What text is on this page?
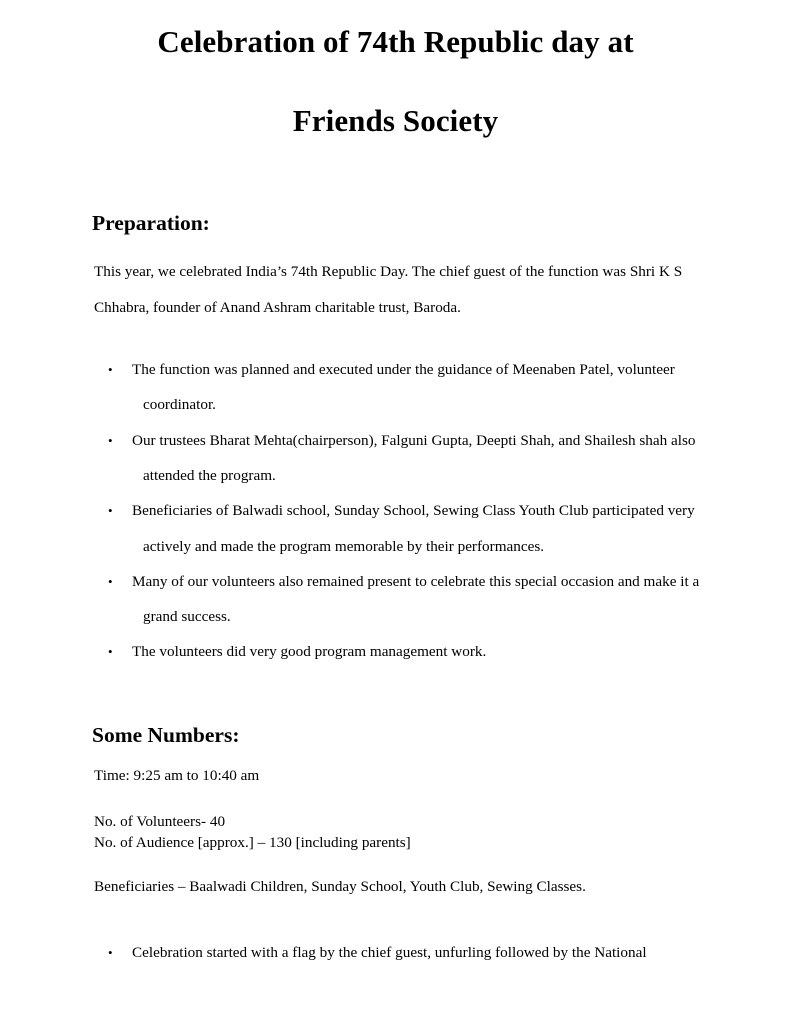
Celebration of 74th Republic day at
Friends Society
Preparation:

This year, we celebrated India’s 74th Republic Day. The chief guest of the function was Shri K S Chhabra, founder of Anand Ashram charitable trust, Baroda.

• The function was planned and executed under the guidance of Meenaben Patel, volunteer coordinator.
• Our trustees Bharat Mehta(chairperson), Falguni Gupta, Deepti Shah, and Shailesh shah also attended the program.
• Beneficiaries of Balwadi school, Sunday School, Sewing Class Youth Club participated very actively and made the program memorable by their performances.
• Many of our volunteers also remained present to celebrate this special occasion and make it a grand success.
• The volunteers did very good program management work.
Some Numbers:
Time: 9:25 am to 10:40 am
No. of Volunteers- 40
No. of Audience [approx.] – 130 [including parents]
Beneficiaries – Baalwadi Children, Sunday School, Youth Club, Sewing Classes.
• Celebration started with a flag by the chief guest, unfurling followed by the National
